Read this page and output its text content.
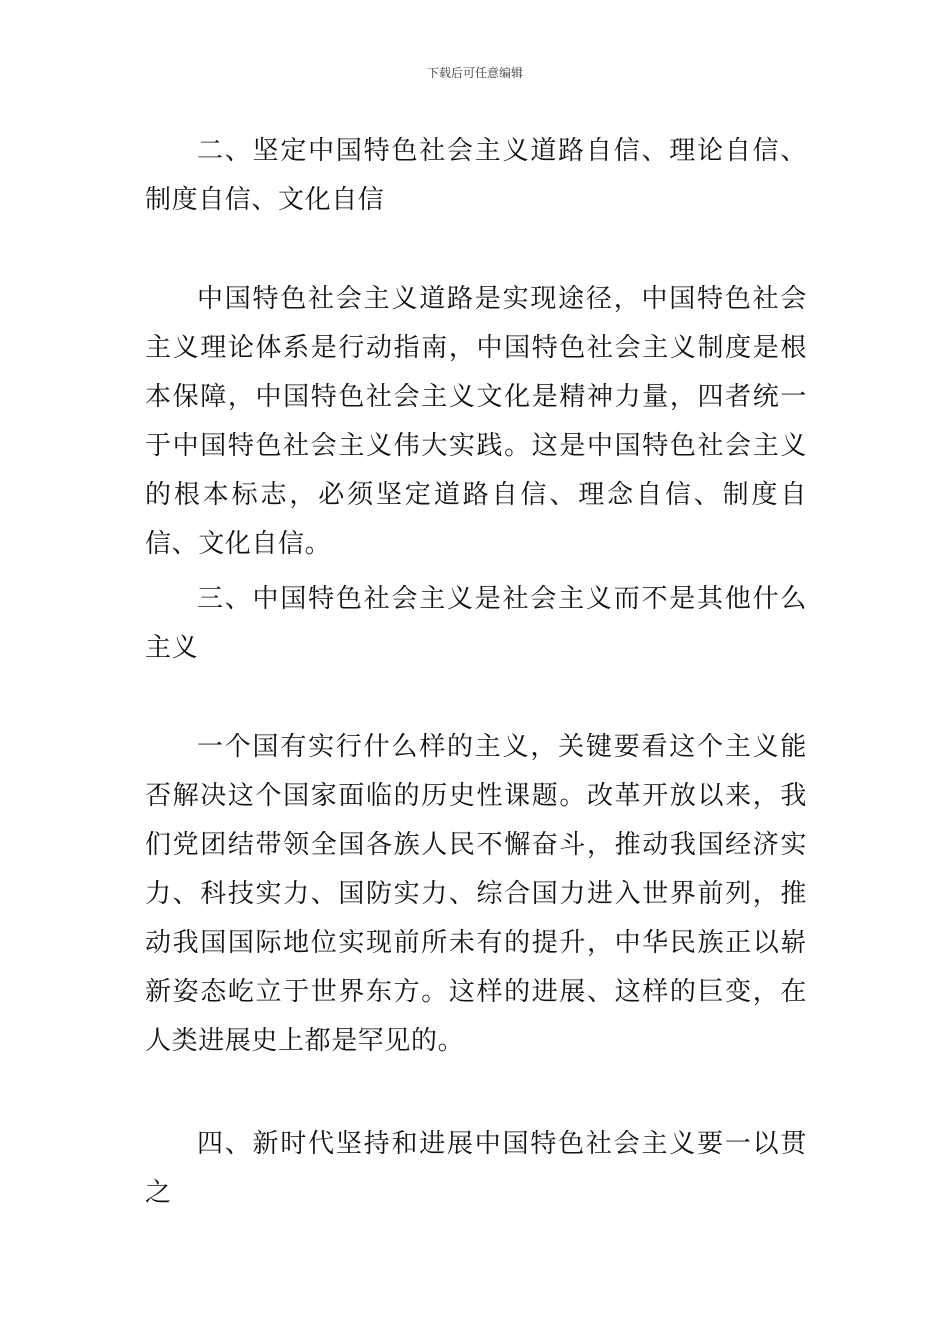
下载后可任意编辑

二、坚定中国特色社会主义道路自信、理论自信、制度自信、文化自信

中国特色社会主义道路是实现途径，中国特色社会主义理论体系是行动指南，中国特色社会主义制度是根本保障，中国特色社会主义文化是精神力量，四者统一于中国特色社会主义伟大实践。这是中国特色社会主义的根本标志，必须坚定道路自信、理念自信、制度自信、文化自信。

三、中国特色社会主义是社会主义而不是其他什么主义

一个国有实行什么样的主义，关键要看这个主义能否解决这个国家面临的历史性课题。改革开放以来，我们党团结带领全国各族人民不懈奋斗，推动我国经济实力、科技实力、国防实力、综合国力进入世界前列，推动我国国际地位实现前所未有的提升，中华民族正以崭新姿态屹立于世界东方。这样的进展、这样的巨变，在人类进展史上都是罕见的。

四、新时代坚持和进展中国特色社会主义要一以贯之
